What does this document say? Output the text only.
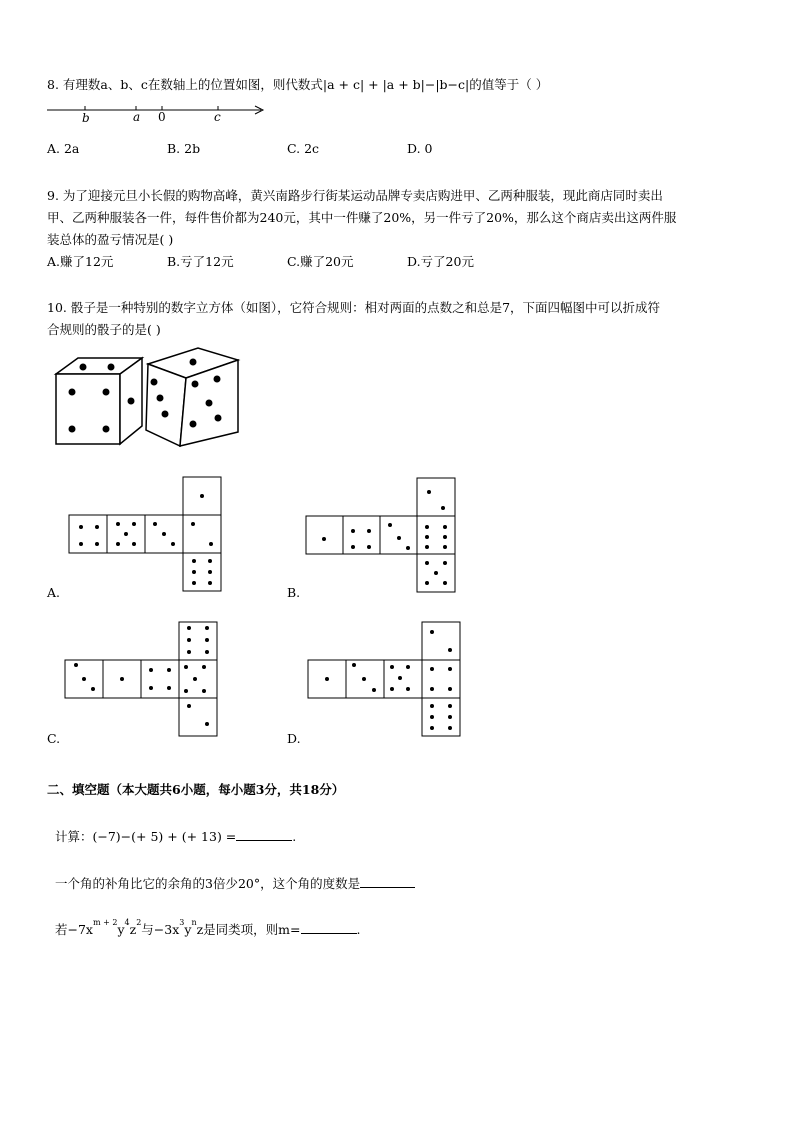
8. 有理数a、b、c在数轴上的位置如图，则代数式|a + c| + |a + b|−|b−c|的值等于（ ）
b	a 0	c
A. 2a	B. 2b	C. 2c	D. 0
9. 为了迎接元旦小长假的购物高峰，黄兴南路步行街某运动品牌专卖店购进甲、乙两种服装，现此商店同时卖出
甲、乙两种服装各一件，每件售价都为240元，其中一件赚了20%，另一件亏了20%，那么这个商店卖出这两件服
装总体的盈亏情况是( )
A.赚了12元	B.亏了12元	C.赚了20元	D.亏了20元
10. 骰子是一种特别的数字立方体（如图），它符合规则：相对两面的点数之和总是7，下面四幅图中可以折成符
合规则的骰子的是( )
A.	B.
C.	D.
二、填空题（本大题共6小题，每小题3分，共18分）
计算：(−7)−(+ 5) + (+ 13) =	.
一个角的补角比它的余角的3倍少20°，这个角的度数是
若$-7x^{m + 2}y^4z^2$与$-3x^3y^nz$是同类项，则m=	.
